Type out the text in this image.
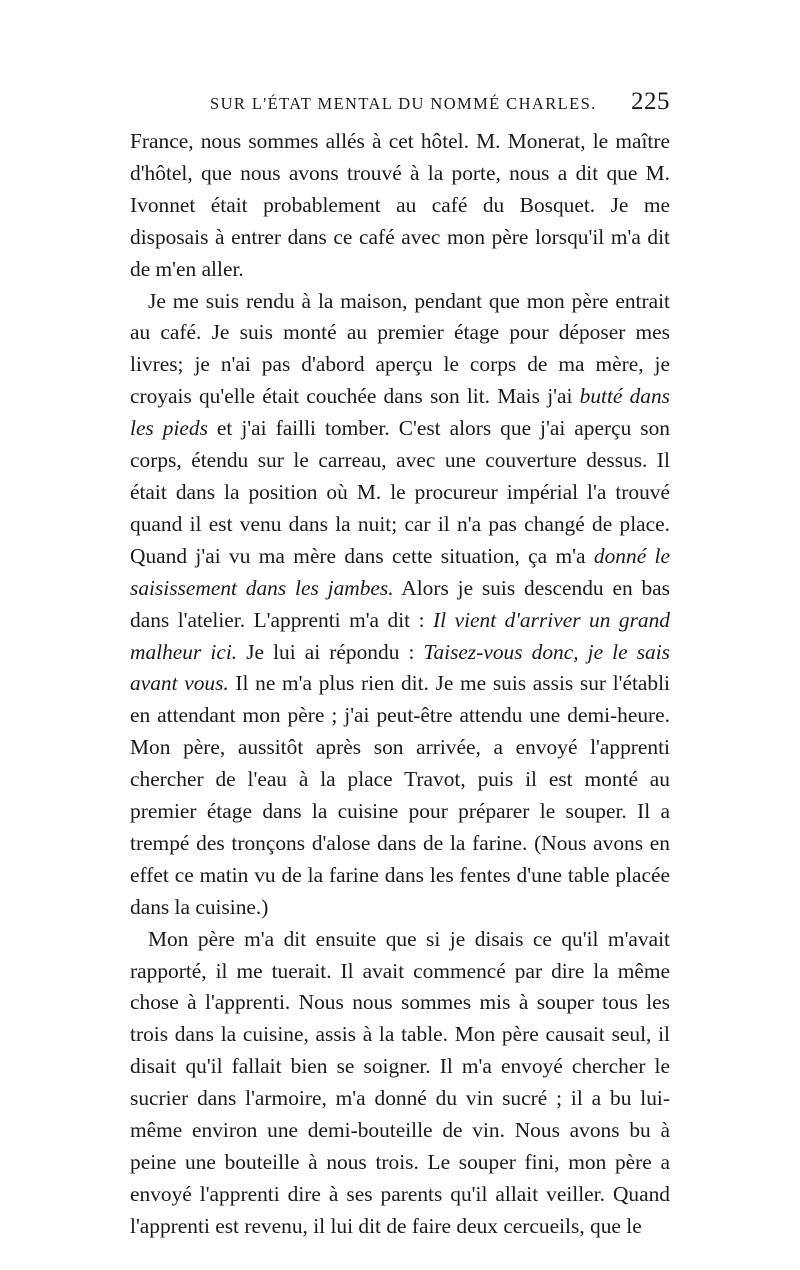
SUR L'ÉTAT MENTAL DU NOMMÉ CHARLES. 225

France, nous sommes allés à cet hôtel. M. Monerat, le maître d'hôtel, que nous avons trouvé à la porte, nous a dit que M. Ivonnet était probablement au café du Bosquet. Je me disposais à entrer dans ce café avec mon père lorsqu'il m'a dit de m'en aller.

Je me suis rendu à la maison, pendant que mon père entrait au café. Je suis monté au premier étage pour déposer mes livres; je n'ai pas d'abord aperçu le corps de ma mère, je croyais qu'elle était couchée dans son lit. Mais j'ai butté dans les pieds et j'ai failli tomber. C'est alors que j'ai aperçu son corps, étendu sur le carreau, avec une couverture dessus. Il était dans la position où M. le procureur impérial l'a trouvé quand il est venu dans la nuit; car il n'a pas changé de place. Quand j'ai vu ma mère dans cette situation, ça m'a donné le saisissement dans les jambes. Alors je suis descendu en bas dans l'atelier. L'apprenti m'a dit : Il vient d'arriver un grand malheur ici. Je lui ai répondu : Taisez-vous donc, je le sais avant vous. Il ne m'a plus rien dit. Je me suis assis sur l'établi en attendant mon père ; j'ai peut-être attendu une demi-heure. Mon père, aussitôt après son arrivée, a envoyé l'apprenti chercher de l'eau à la place Travot, puis il est monté au premier étage dans la cuisine pour préparer le souper. Il a trempé des tronçons d'alose dans de la farine. (Nous avons en effet ce matin vu de la farine dans les fentes d'une table placée dans la cuisine.)

Mon père m'a dit ensuite que si je disais ce qu'il m'avait rapporté, il me tuerait. Il avait commencé par dire la même chose à l'apprenti. Nous nous sommes mis à souper tous les trois dans la cuisine, assis à la table. Mon père causait seul, il disait qu'il fallait bien se soigner. Il m'a envoyé chercher le sucrier dans l'armoire, m'a donné du vin sucré ; il a bu lui-même environ une demi-bouteille de vin. Nous avons bu à peine une bouteille à nous trois. Le souper fini, mon père a envoyé l'apprenti dire à ses parents qu'il allait veiller. Quand l'apprenti est revenu, il lui dit de faire deux cercueils, que le
